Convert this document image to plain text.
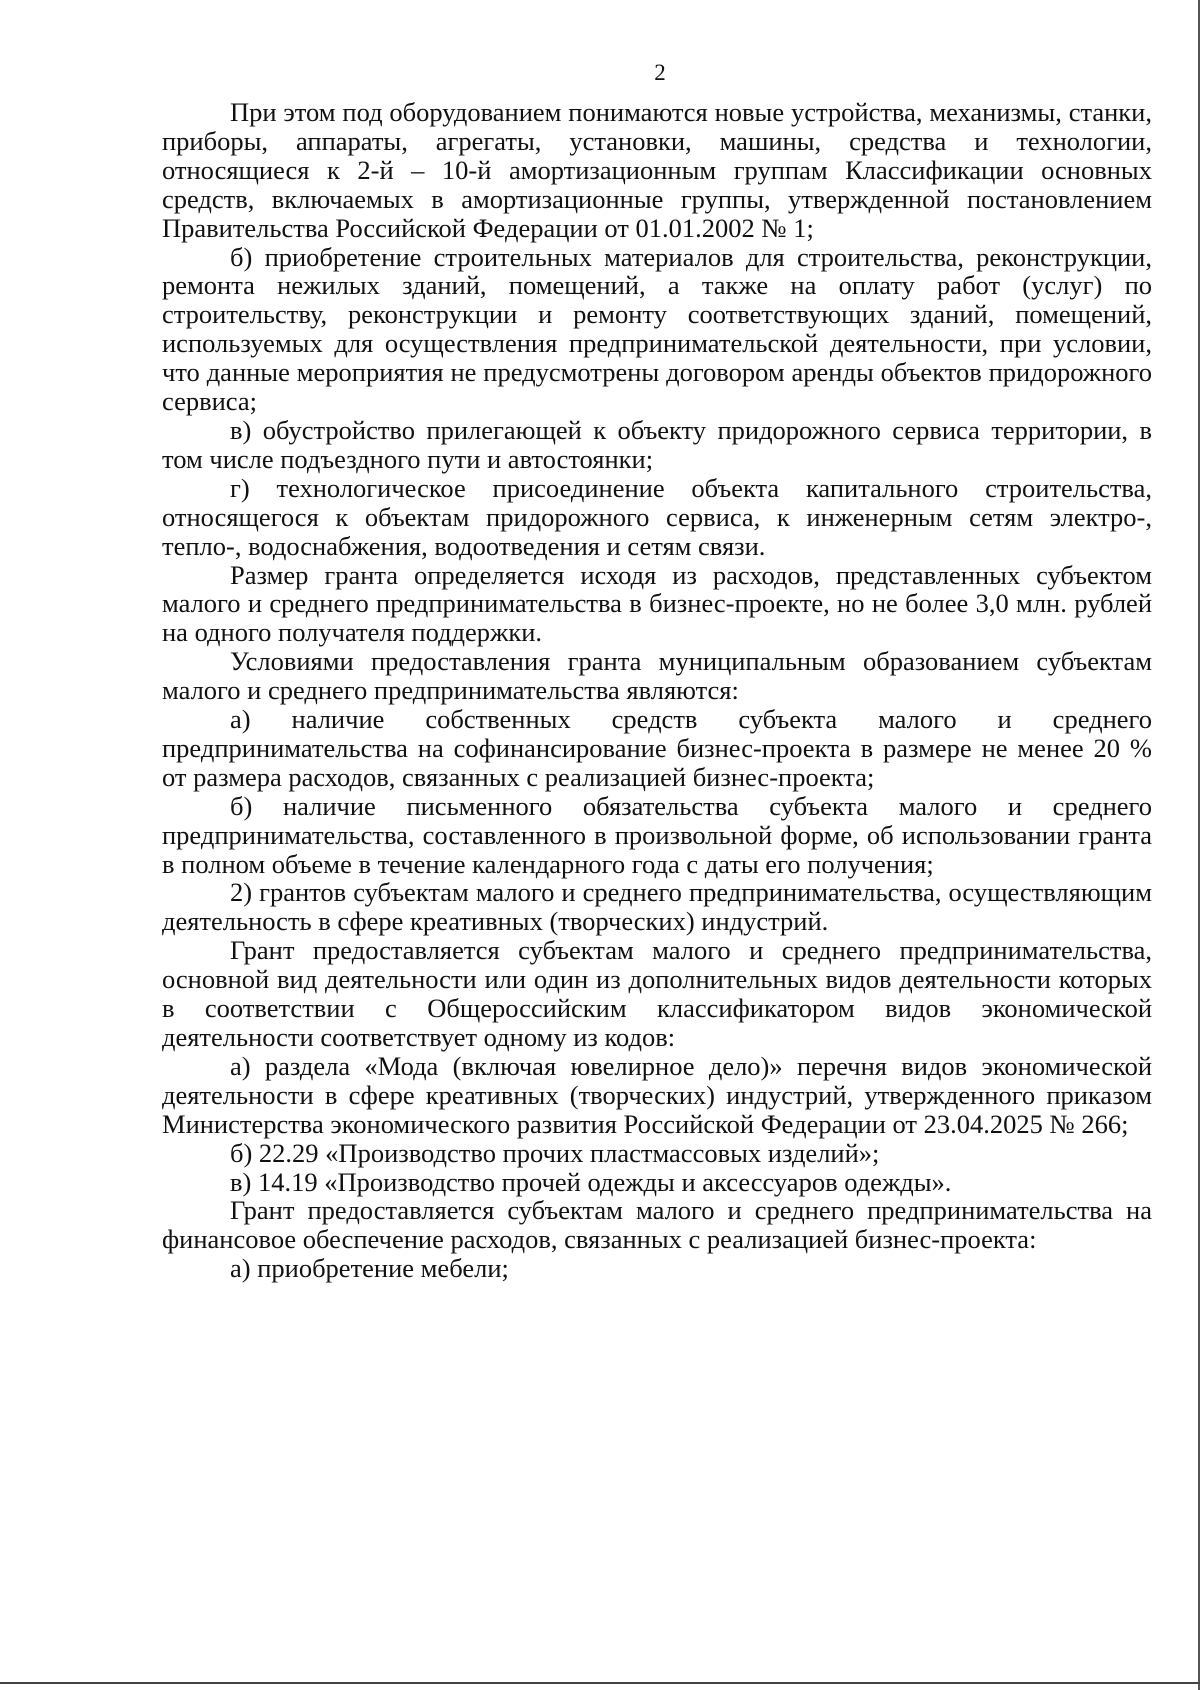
2

При этом под оборудованием понимаются новые устройства, механизмы, станки, приборы, аппараты, агрегаты, установки, машины, средства и технологии, относящиеся к 2-й – 10-й амортизационным группам Классификации основных средств, включаемых в амортизационные группы, утвержденной постановлением Правительства Российской Федерации от 01.01.2002 № 1;

б) приобретение строительных материалов для строительства, реконструкции, ремонта нежилых зданий, помещений, а также на оплату работ (услуг) по строительству, реконструкции и ремонту соответствующих зданий, помещений, используемых для осуществления предпринимательской деятельности, при условии, что данные мероприятия не предусмотрены договором аренды объектов придорожного сервиса;

в) обустройство прилегающей к объекту придорожного сервиса территории, в том числе подъездного пути и автостоянки;

г) технологическое присоединение объекта капитального строительства, относящегося к объектам придорожного сервиса, к инженерным сетям электро-, тепло-, водоснабжения, водоотведения и сетям связи.

Размер гранта определяется исходя из расходов, представленных субъектом малого и среднего предпринимательства в бизнес-проекте, но не более 3,0 млн. рублей на одного получателя поддержки.

Условиями предоставления гранта муниципальным образованием субъектам малого и среднего предпринимательства являются:

а) наличие собственных средств субъекта малого и среднего предпринимательства на софинансирование бизнес-проекта в размере не менее 20 % от размера расходов, связанных с реализацией бизнес-проекта;

б) наличие письменного обязательства субъекта малого и среднего предпринимательства, составленного в произвольной форме, об использовании гранта в полном объеме в течение календарного года с даты его получения;

2) грантов субъектам малого и среднего предпринимательства, осуществляющим деятельность в сфере креативных (творческих) индустрий.

Грант предоставляется субъектам малого и среднего предпринимательства, основной вид деятельности или один из дополнительных видов деятельности которых в соответствии с Общероссийским классификатором видов экономической деятельности соответствует одному из кодов:

а) раздела «Мода (включая ювелирное дело)» перечня видов экономической деятельности в сфере креативных (творческих) индустрий, утвержденного приказом Министерства экономического развития Российской Федерации от 23.04.2025 № 266;

б) 22.29 «Производство прочих пластмассовых изделий»;

в) 14.19 «Производство прочей одежды и аксессуаров одежды».

Грант предоставляется субъектам малого и среднего предпринимательства на финансовое обеспечение расходов, связанных с реализацией бизнес-проекта:

а) приобретение мебели;
